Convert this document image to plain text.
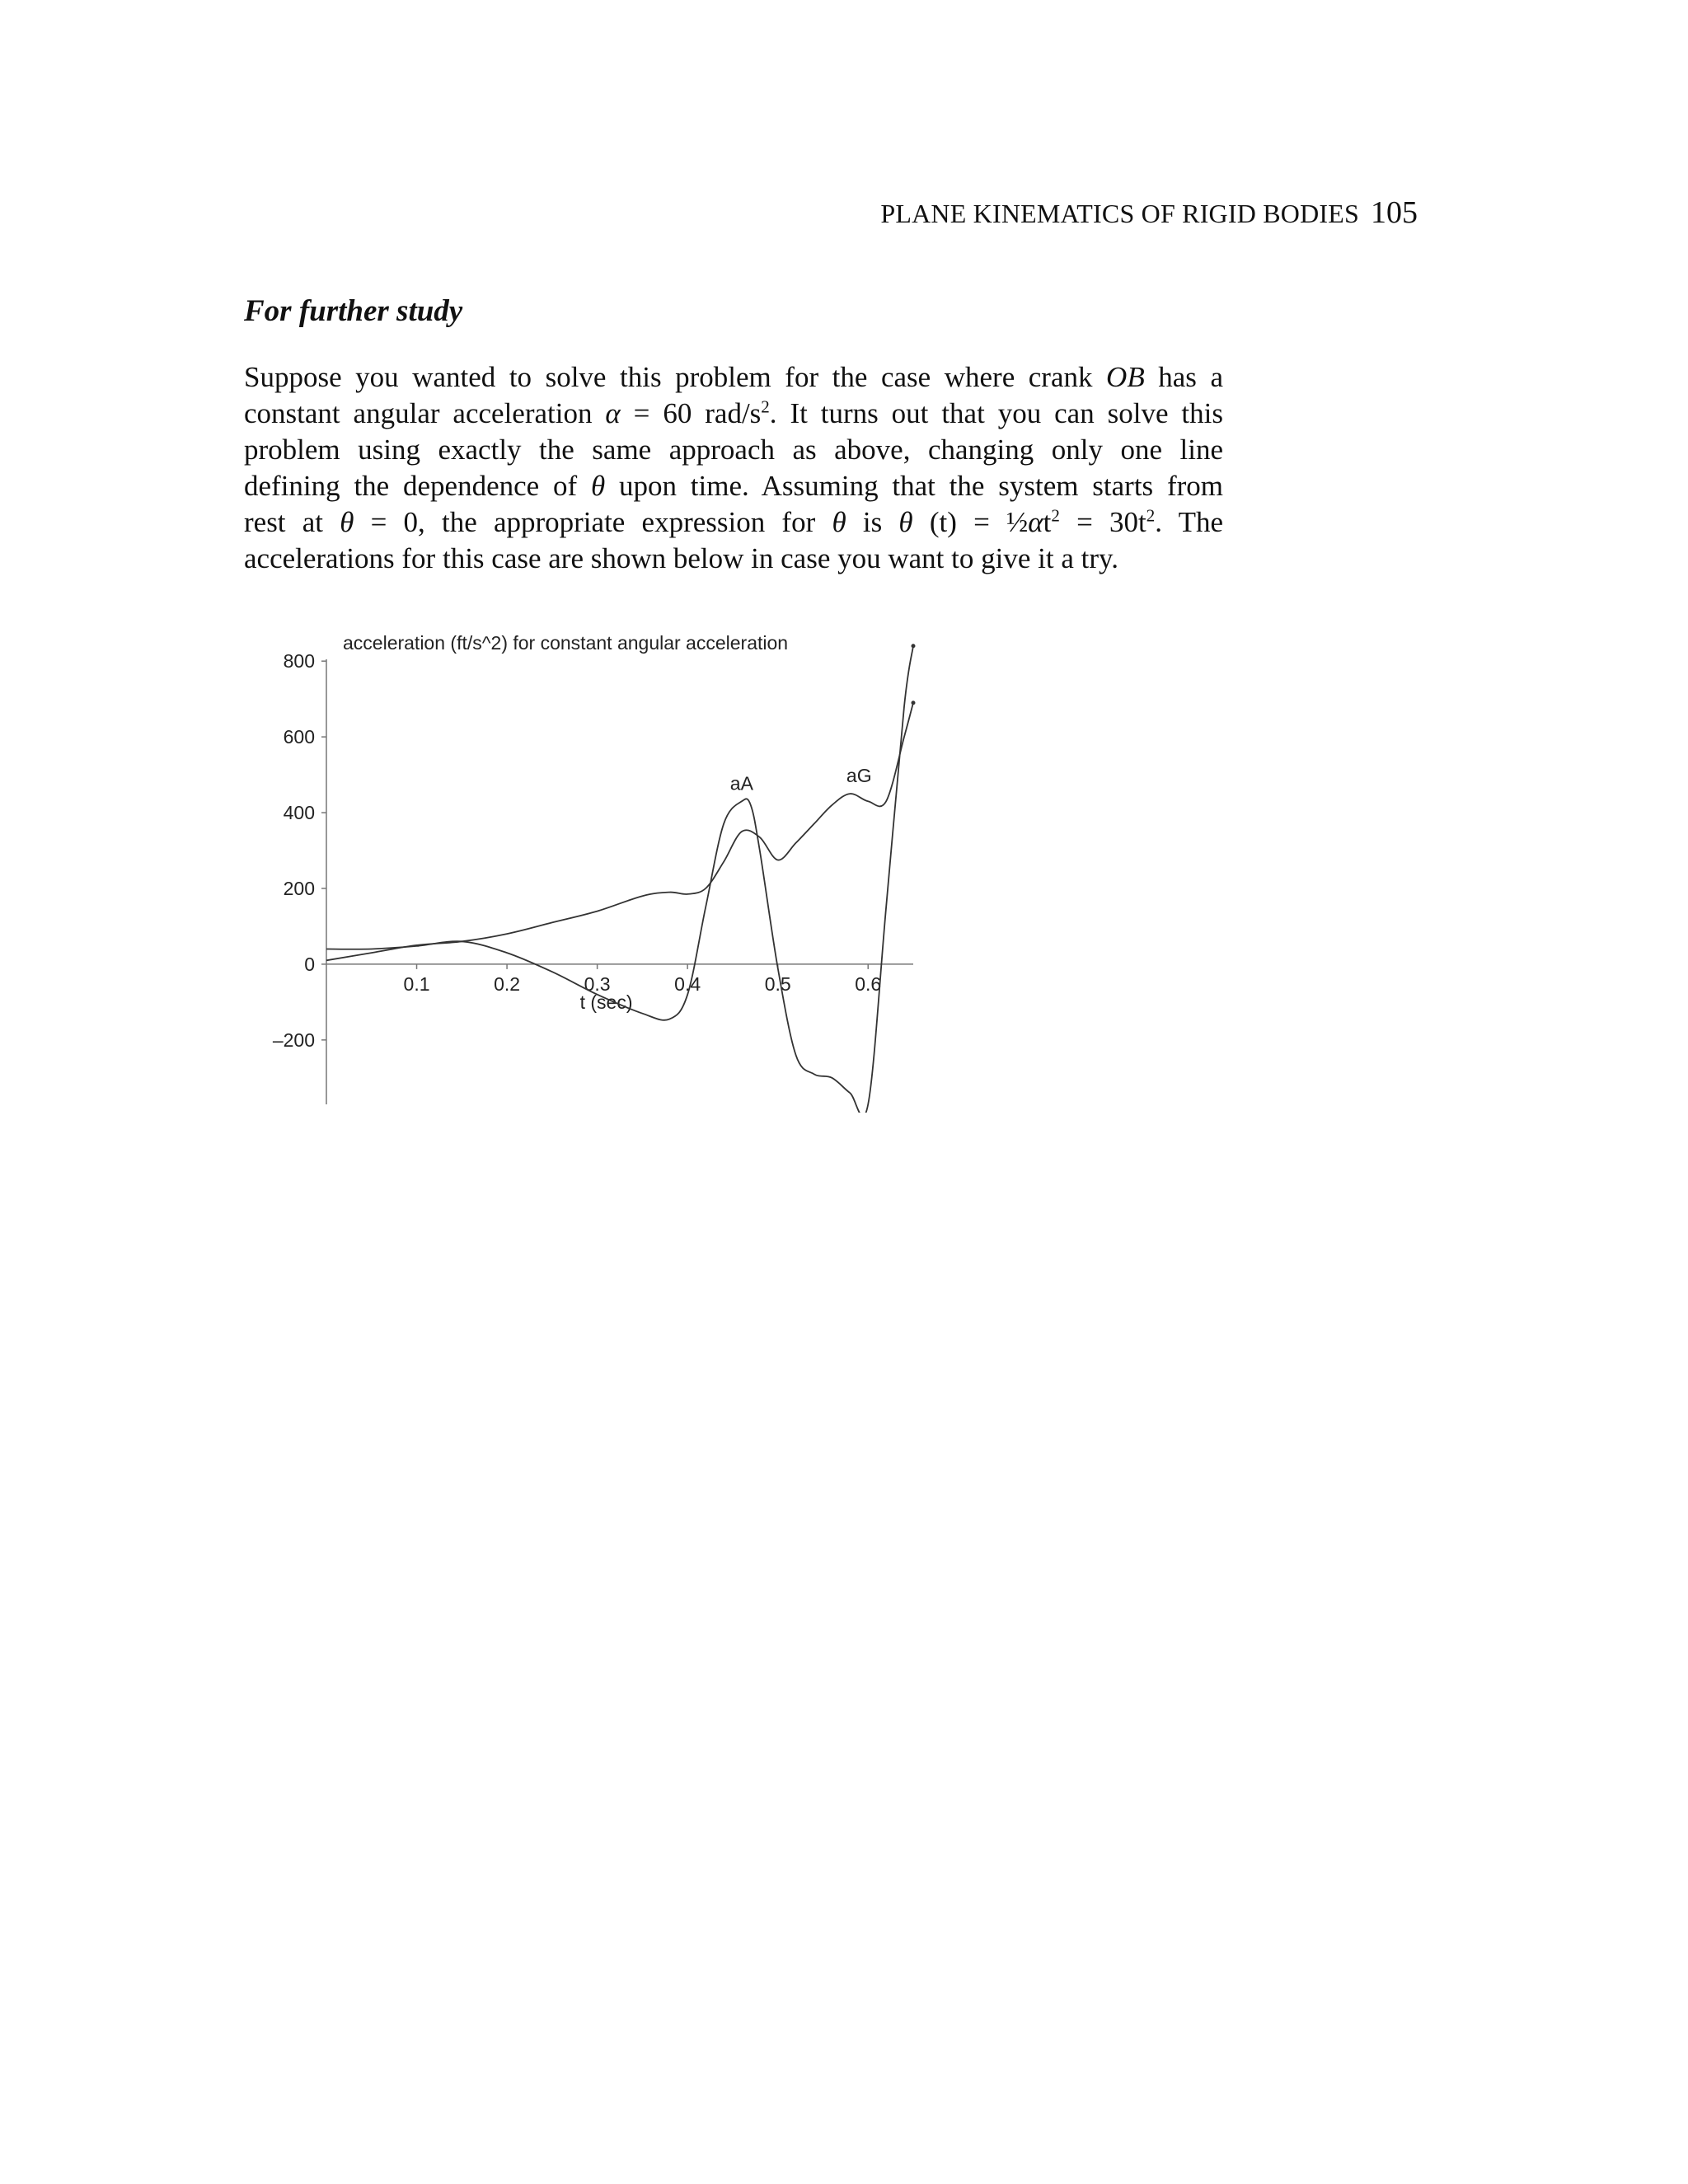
PLANE KINEMATICS OF RIGID BODIES 105
For further study
Suppose you wanted to solve this problem for the case where crank OB has a
constant angular acceleration α = 60 rad/$s^2$. It turns out that you can solve this
problem using exactly the same approach as above, changing only one line
defining the dependence of θ upon time. Assuming that the system starts from
rest at θ = 0, the appropriate expression for θ is θ $(t) = \frac{1}{2}\alpha t^2 = 30t^2$. The
accelerations for this case are shown below in case you want to give it a try.
acceleration (ft/s^2) for constant angular acceleration
800
600
400
200
0
–200
0.1	0.2	0.3	0.4	0.5	0.6
t (sec)
aA	aG
